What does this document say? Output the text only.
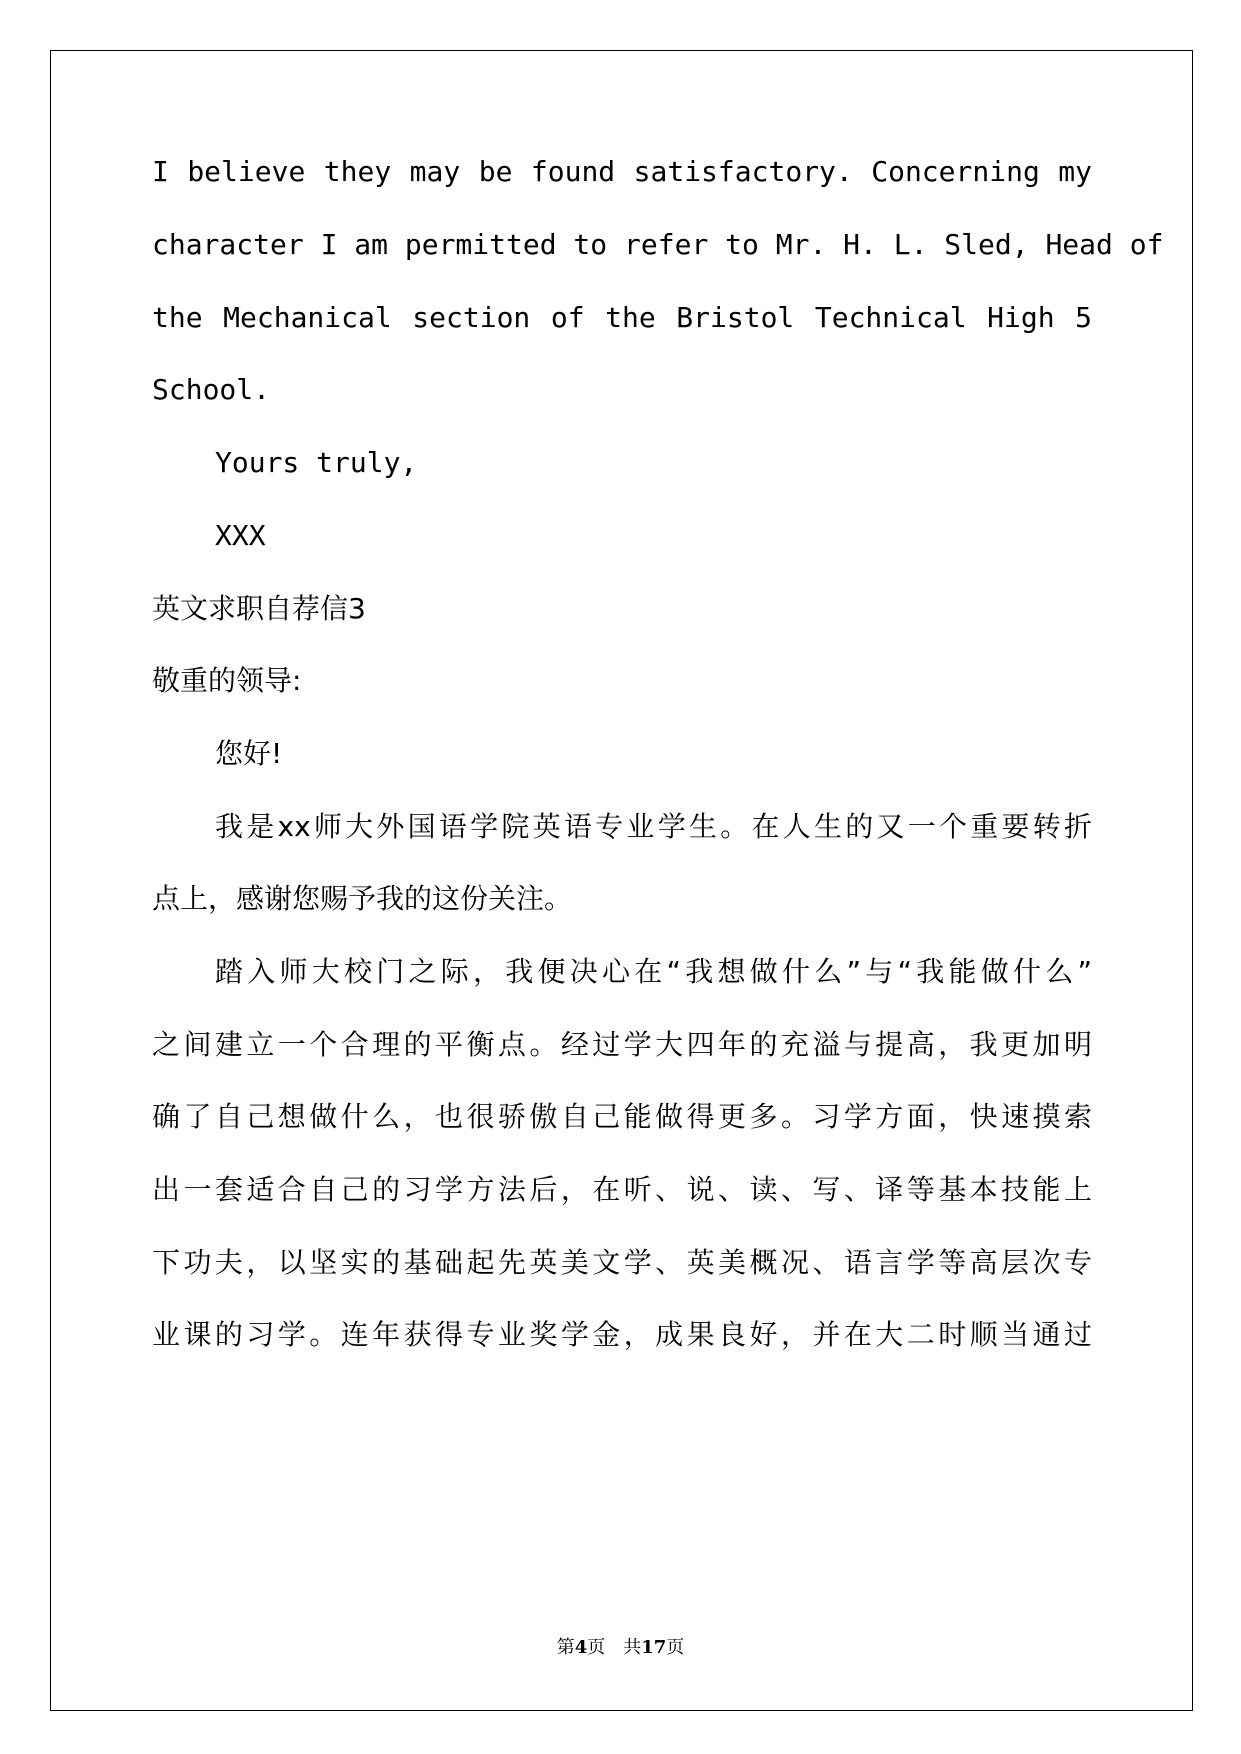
I believe they may be found satisfactory. Concerning my
character I am permitted to refer to Mr. H. L. Sled, Head of
the Mechanical section of the Bristol Technical High 5
School.
Yours truly,
XXX
英文求职自荐信3
敬重的领导:
您好!
我是xx师大外国语学院英语专业学生。在人生的又一个重要转折
点上，感谢您赐予我的这份关注。
踏入师大校门之际，我便决心在“我想做什么”与“我能做什么”
之间建立一个合理的平衡点。经过学大四年的充溢与提高，我更加明
确了自己想做什么，也很骄傲自己能做得更多。习学方面，快速摸索
出一套适合自己的习学方法后，在听、说、读、写、译等基本技能上
下功夫，以坚实的基础起先英美文学、英美概况、语言学等高层次专
业课的习学。连年获得专业奖学金，成果良好，并在大二时顺当通过
第4页　共17页
